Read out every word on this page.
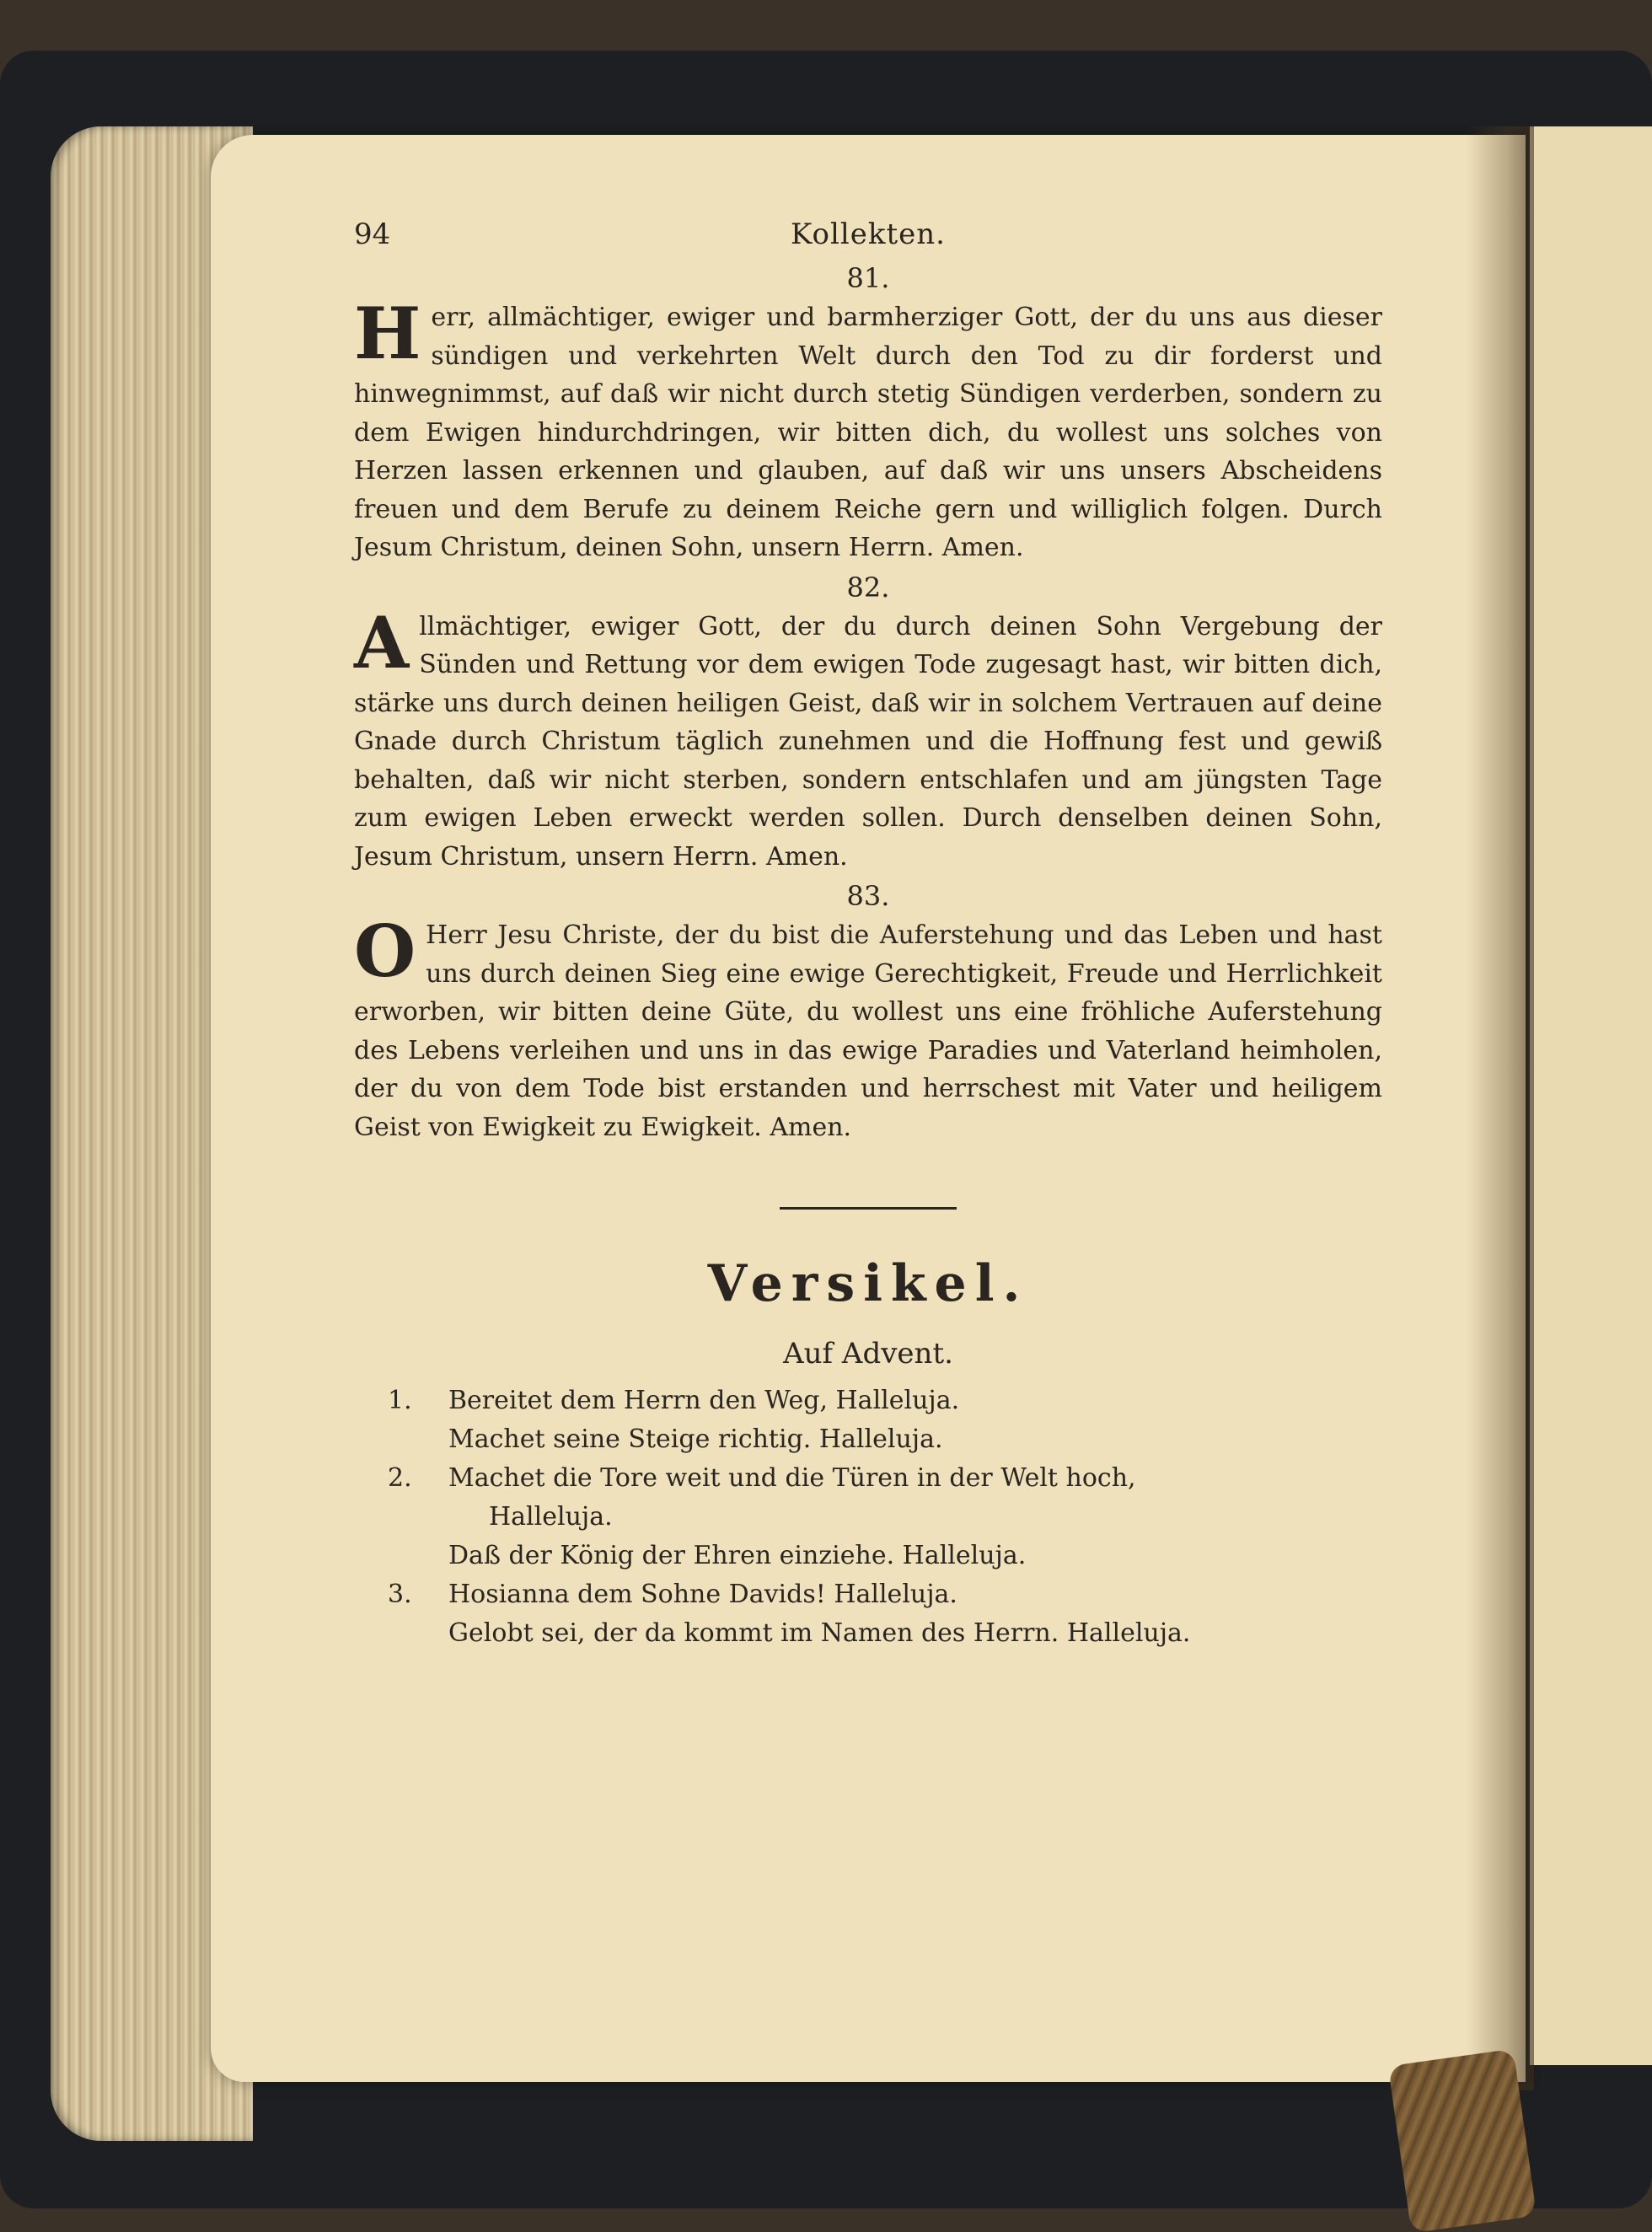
94	Kollekten.
81.

Herr, allmächtiger, ewiger und barmherziger Gott, der du uns aus dieser sündigen und verkehrten Welt durch den Tod zu dir forderst und hinwegnimmst, auf daß wir nicht durch stetig Sündigen verderben, sondern zu dem Ewigen hindurchdringen, wir bitten dich, du wollest uns solches von Herzen lassen erkennen und glauben, auf daß wir uns unsers Abscheidens freuen und dem Berufe zu deinem Reiche gern und williglich folgen. Durch Jesum Christum, deinen Sohn, unsern Herrn. Amen.

82.

Allmächtiger, ewiger Gott, der du durch deinen Sohn Vergebung der Sünden und Rettung vor dem ewigen Tode zugesagt hast, wir bitten dich, stärke uns durch deinen heiligen Geist, daß wir in solchem Vertrauen auf deine Gnade durch Christum täglich zunehmen und die Hoffnung fest und gewiß behalten, daß wir nicht sterben, sondern entschlafen und am jüngsten Tage zum ewigen Leben erweckt werden sollen. Durch denselben deinen Sohn, Jesum Christum, unsern Herrn. Amen.

83.

O Herr Jesu Christe, der du bist die Auferstehung und das Leben und hast uns durch deinen Sieg eine ewige Gerechtigkeit, Freude und Herrlichkeit erworben, wir bitten deine Güte, du wollest uns eine fröhliche Auferstehung des Lebens verleihen und uns in das ewige Paradies und Vaterland heimholen, der du von dem Tode bist erstanden und herrschest mit Vater und heiligem Geist von Ewigkeit zu Ewigkeit. Amen.

Versikel.
Auf Advent.
1. Bereitet dem Herrn den Weg, Halleluja.
Machet seine Steige richtig. Halleluja.
2. Machet die Tore weit und die Türen in der Welt hoch,
Halleluja.
Daß der König der Ehren einziehe. Halleluja.
3. Hosianna dem Sohne Davids! Halleluja.
Gelobt sei, der da kommt im Namen des Herrn. Halleluja.
